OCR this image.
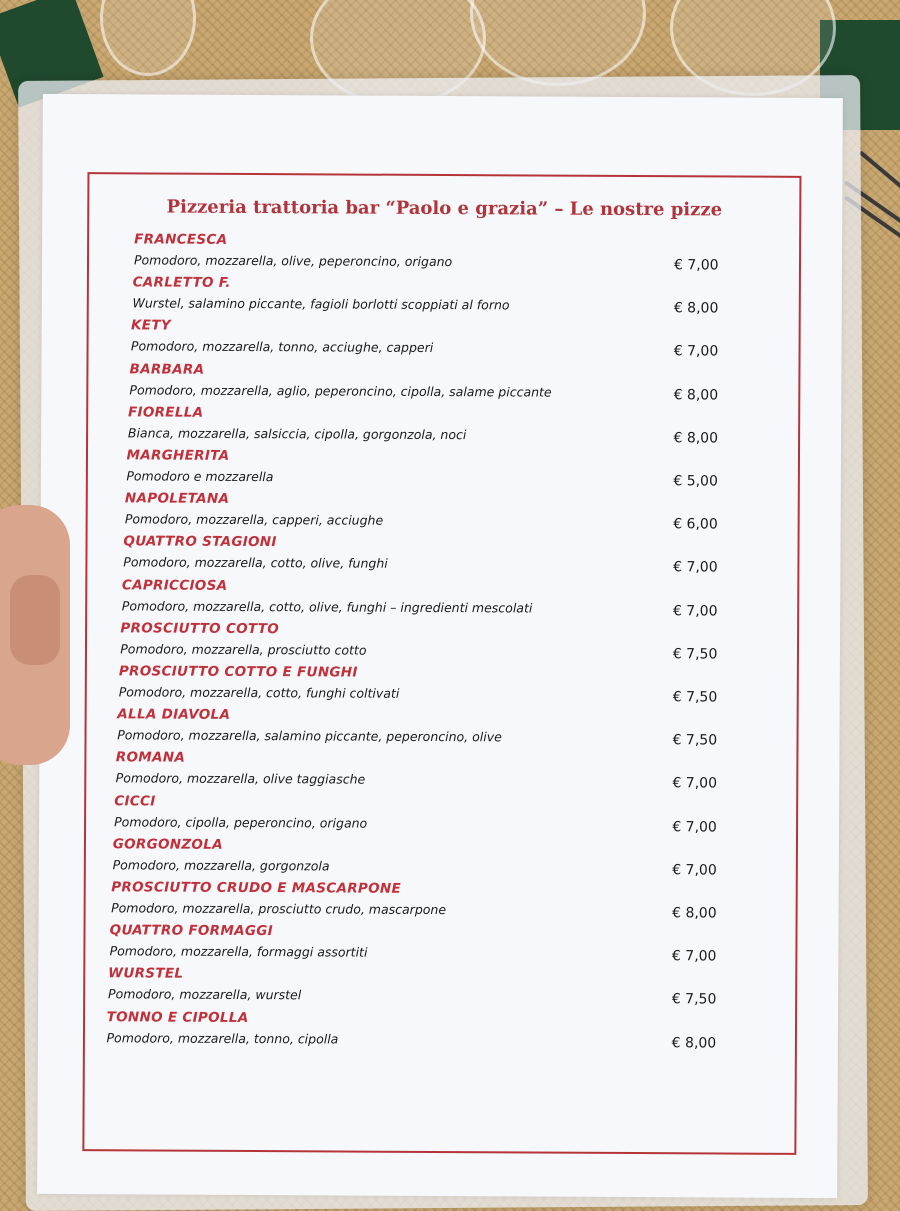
Pizzeria trattoria bar “Paolo e grazia” – Le nostre pizze
FRANCESCA
Pomodoro, mozzarella, olive, peperoncino, origano	€ 7,00
CARLETTO F.
Wurstel, salamino piccante, fagioli borlotti scoppiati al forno	€ 8,00
KETY
Pomodoro, mozzarella, tonno, acciughe, capperi	€ 7,00
BARBARA
Pomodoro, mozzarella, aglio, peperoncino, cipolla, salame piccante	€ 8,00
FIORELLA
Bianca, mozzarella, salsiccia, cipolla, gorgonzola, noci	€ 8,00
MARGHERITA
Pomodoro e mozzarella	€ 5,00
NAPOLETANA
Pomodoro, mozzarella, capperi, acciughe	€ 6,00
QUATTRO STAGIONI
Pomodoro, mozzarella, cotto, olive, funghi	€ 7,00
CAPRICCIOSA
Pomodoro, mozzarella, cotto, olive, funghi – ingredienti mescolati	€ 7,00
PROSCIUTTO COTTO
Pomodoro, mozzarella, prosciutto cotto	€ 7,50
PROSCIUTTO COTTO E FUNGHI
Pomodoro, mozzarella, cotto, funghi coltivati	€ 7,50
ALLA DIAVOLA
Pomodoro, mozzarella, salamino piccante, peperoncino, olive	€ 7,50
ROMANA
Pomodoro, mozzarella, olive taggiasche	€ 7,00
CICCI
Pomodoro, cipolla, peperoncino, origano	€ 7,00
GORGONZOLA
Pomodoro, mozzarella, gorgonzola	€ 7,00
PROSCIUTTO CRUDO E MASCARPONE
Pomodoro, mozzarella, prosciutto crudo, mascarpone	€ 8,00
QUATTRO FORMAGGI
Pomodoro, mozzarella, formaggi assortiti	€ 7,00
WURSTEL
Pomodoro, mozzarella, wurstel	€ 7,50
TONNO E CIPOLLA
Pomodoro, mozzarella, tonno, cipolla	€ 8,00
